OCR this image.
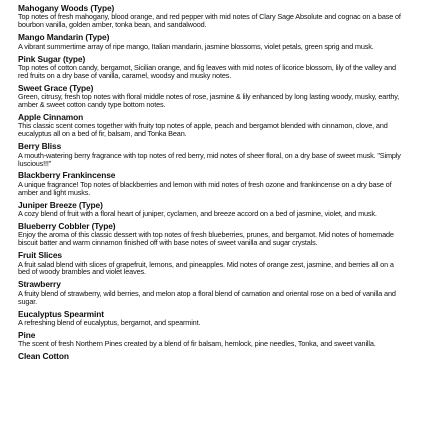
Mahogany Woods (Type)
Top notes of fresh mahogany, blood orange, and red pepper with mid notes of Clary Sage Absolute and cognac on a base of bourbon vanilla, golden amber, tonka bean, and sandalwood.
Mango Mandarin (Type)
A vibrant summertime array of ripe mango, Italian mandarin, jasmine blossoms, violet petals, green sprig and musk.
Pink Sugar (type)
Top notes of cotton candy, bergamot, Sicilian orange, and fig leaves with mid notes of licorice blossom, lily of the valley and red fruits on a dry base of vanilla, caramel, woodsy and musky notes.
Sweet Grace (Type)
Green, citrusy, fresh top notes with floral middle notes of rose, jasmine & lily enhanced by long lasting woody, musky, earthy, amber & sweet cotton candy type bottom notes.
Apple Cinnamon
This classic scent comes together with fruity top notes of apple, peach and bergamot blended with cinnamon, clove, and eucalyptus all on a bed of fir, balsam, and Tonka Bean.
Berry Bliss
A mouth-watering berry fragrance with top notes of red berry, mid notes of sheer floral, on a dry base of sweet musk. "Simply luscious!!!"
Blackberry Frankincense
A unique fragrance! Top notes of blackberries and lemon with mid notes of fresh ozone and frankincense on a dry base of amber and light musks.
Juniper Breeze (Type)
A cozy blend of fruit with a floral heart of juniper, cyclamen, and breeze accord on a bed of jasmine, violet, and musk.
Blueberry Cobbler (Type)
Enjoy the aroma of this classic dessert with top notes of fresh blueberries, prunes, and bergamot. Mid notes of homemade biscuit batter and warm cinnamon finished off with base notes of sweet vanilla and sugar crystals.
Fruit Slices
A fruit salad blend with slices of grapefruit, lemons, and pineapples. Mid notes of orange zest, jasmine, and berries all on a bed of woody brambles and violet leaves.
Strawberry
A fruity blend of strawberry, wild berries, and melon atop a floral blend of carnation and oriental rose on a bed of vanilla and sugar.
Eucalyptus Spearmint
A refreshing blend of eucalyptus, bergamot, and spearmint.
Pine
The scent of fresh Northern Pines created by a blend of fir balsam, hemlock, pine needles, Tonka, and sweet vanilla.
Clean Cotton
